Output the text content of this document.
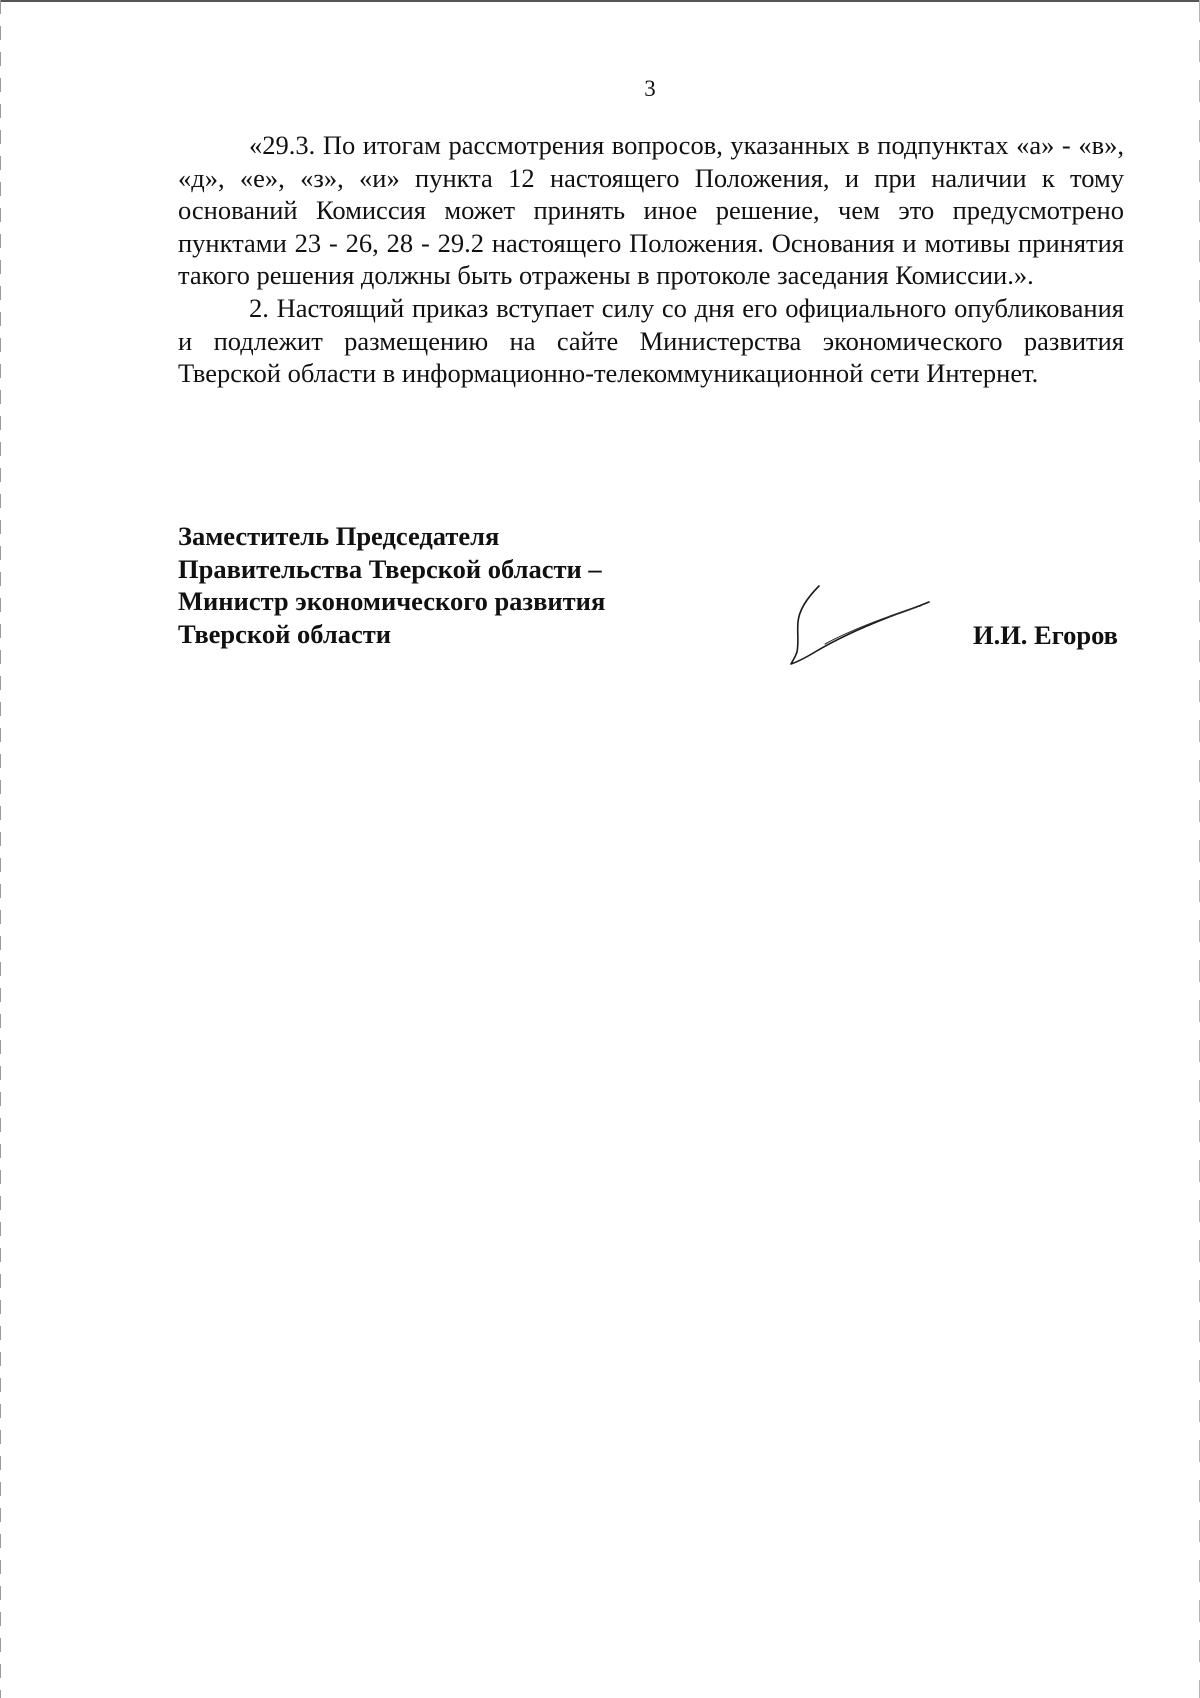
3

«29.3. По итогам рассмотрения вопросов, указанных в подпунктах «а» - «в», «д», «е», «з», «и» пункта 12 настоящего Положения, и при наличии к тому оснований Комиссия может принять иное решение, чем это предусмотрено пунктами 23 - 26, 28 - 29.2 настоящего Положения. Основания и мотивы принятия такого решения должны быть отражены в протоколе заседания Комиссии.».

2. Настоящий приказ вступает силу со дня его официального опубликования и подлежит размещению на сайте Министерства экономического развития Тверской области в информационно-телекоммуникационной сети Интернет.

Заместитель Председателя
Правительства Тверской области –
Министр экономического развития
Тверской области	И.И. Егоров
